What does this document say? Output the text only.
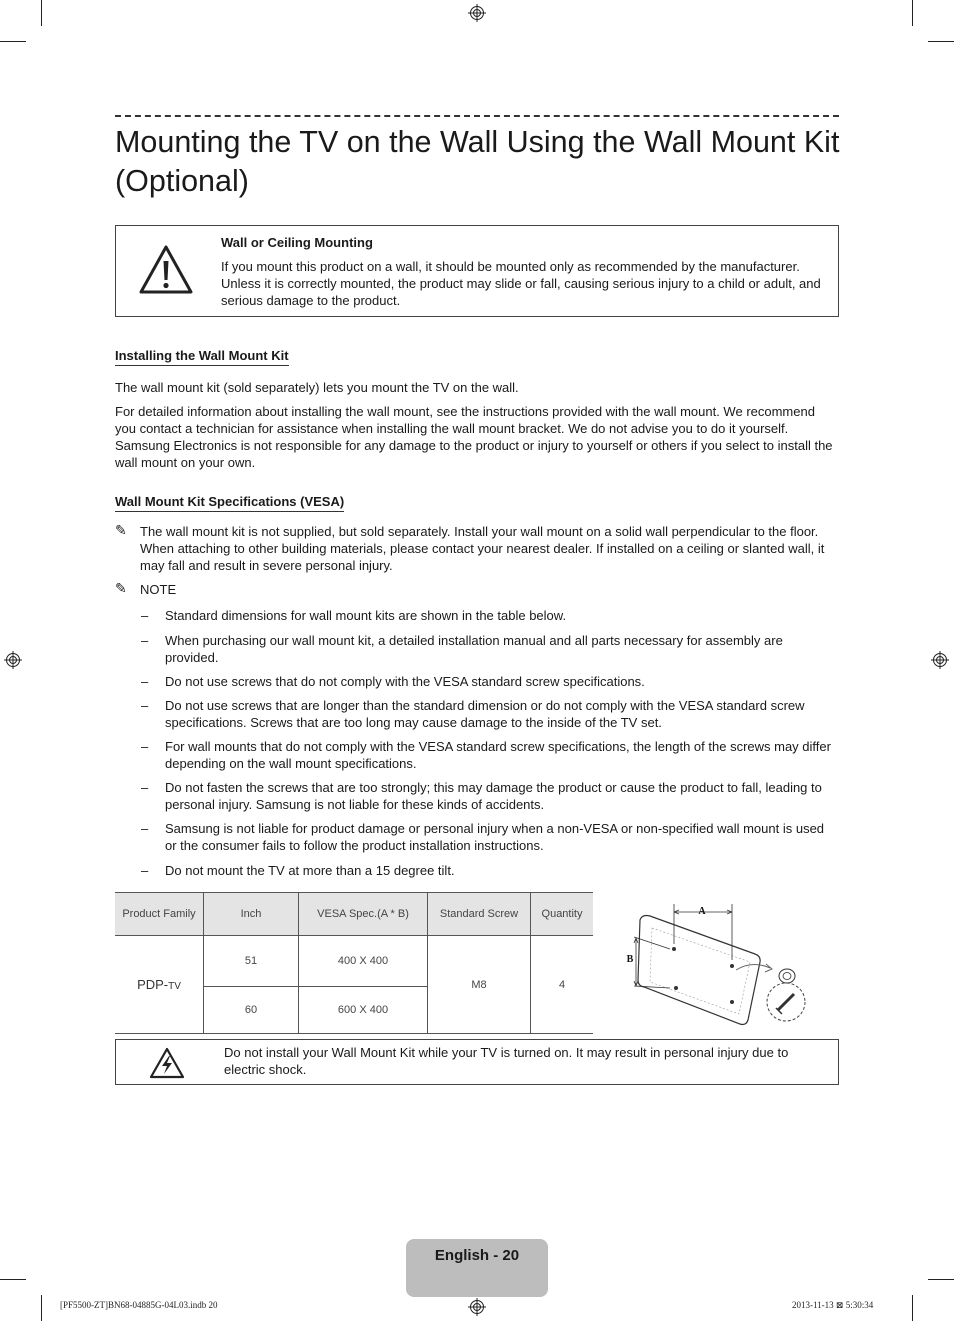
Mounting the TV on the Wall Using the Wall Mount Kit (Optional)
Wall or Ceiling Mounting
If you mount this product on a wall, it should be mounted only as recommended by the manufacturer. Unless it is correctly mounted, the product may slide or fall, causing serious injury to a child or adult, and serious damage to the product.
Installing the Wall Mount Kit

The wall mount kit (sold separately) lets you mount the TV on the wall.

For detailed information about installing the wall mount, see the instructions provided with the wall mount. We recommend you contact a technician for assistance when installing the wall mount bracket. We do not advise you to do it yourself. Samsung Electronics is not responsible for any damage to the product or injury to yourself or others if you select to install the wall mount on your own.

Wall Mount Kit Specifications (VESA)
✎ The wall mount kit is not supplied, but sold separately. Install your wall mount on a solid wall perpendicular to the floor. When attaching to other building materials, please contact your nearest dealer. If installed on a ceiling or slanted wall, it may fall and result in severe personal injury.
✎ NOTE
– Standard dimensions for wall mount kits are shown in the table below.
– When purchasing our wall mount kit, a detailed installation manual and all parts necessary for assembly are provided.
– Do not use screws that do not comply with the VESA standard screw specifications.
– Do not use screws that are longer than the standard dimension or do not comply with the VESA standard screw specifications. Screws that are too long may cause damage to the inside of the TV set.
– For wall mounts that do not comply with the VESA standard screw specifications, the length of the screws may differ depending on the wall mount specifications.
– Do not fasten the screws that are too strongly; this may damage the product or cause the product to fall, leading to personal injury. Samsung is not liable for these kinds of accidents.
– Samsung is not liable for product damage or personal injury when a non-VESA or non-specified wall mount is used or the consumer fails to follow the product installation instructions.
– Do not mount the TV at more than a 15 degree tilt.
Product Family	Inch	VESA Spec.(A * B)	Standard Screw	Quantity
PDP-TV	51	400 X 400	M8	4
	60	600 X 400		
A
B
Do not install your Wall Mount Kit while your TV is turned on. It may result in personal injury due to electric shock.
English - 20
[PF5500-ZT]BN68-04885G-04L03.indb 20	2013-11-13 ⊠ 5:30:34
